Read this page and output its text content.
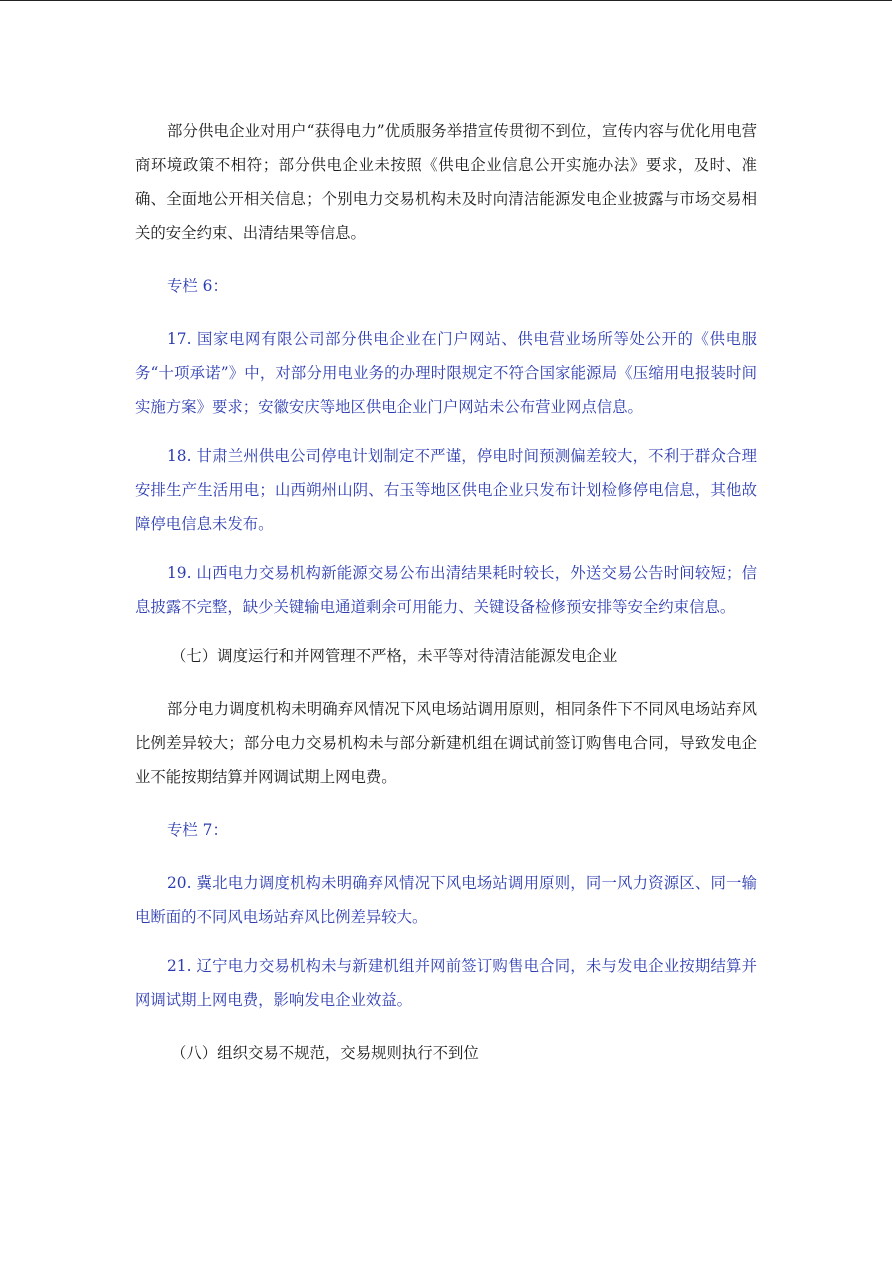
部分供电企业对用户“获得电力”优质服务举措宣传贯彻不到位，宣传内容与优化用电营商环境政策不相符；部分供电企业未按照《供电企业信息公开实施办法》要求，及时、准确、全面地公开相关信息；个别电力交易机构未及时向清洁能源发电企业披露与市场交易相关的安全约束、出清结果等信息。

专栏 6：

17. 国家电网有限公司部分供电企业在门户网站、供电营业场所等处公开的《供电服务“十项承诺”》中，对部分用电业务的办理时限规定不符合国家能源局《压缩用电报装时间实施方案》要求；安徽安庆等地区供电企业门户网站未公布营业网点信息。

18. 甘肃兰州供电公司停电计划制定不严谨，停电时间预测偏差较大，不利于群众合理安排生产生活用电；山西朔州山阴、右玉等地区供电企业只发布计划检修停电信息，其他故障停电信息未发布。

19. 山西电力交易机构新能源交易公布出清结果耗时较长，外送交易公告时间较短；信息披露不完整，缺少关键输电通道剩余可用能力、关键设备检修预安排等安全约束信息。

（七）调度运行和并网管理不严格，未平等对待清洁能源发电企业

部分电力调度机构未明确弃风情况下风电场站调用原则，相同条件下不同风电场站弃风比例差异较大；部分电力交易机构未与部分新建机组在调试前签订购售电合同，导致发电企业不能按期结算并网调试期上网电费。

专栏 7：

20. 冀北电力调度机构未明确弃风情况下风电场站调用原则，同一风力资源区、同一输电断面的不同风电场站弃风比例差异较大。

21. 辽宁电力交易机构未与新建机组并网前签订购售电合同，未与发电企业按期结算并网调试期上网电费，影响发电企业效益。

（八）组织交易不规范，交易规则执行不到位
